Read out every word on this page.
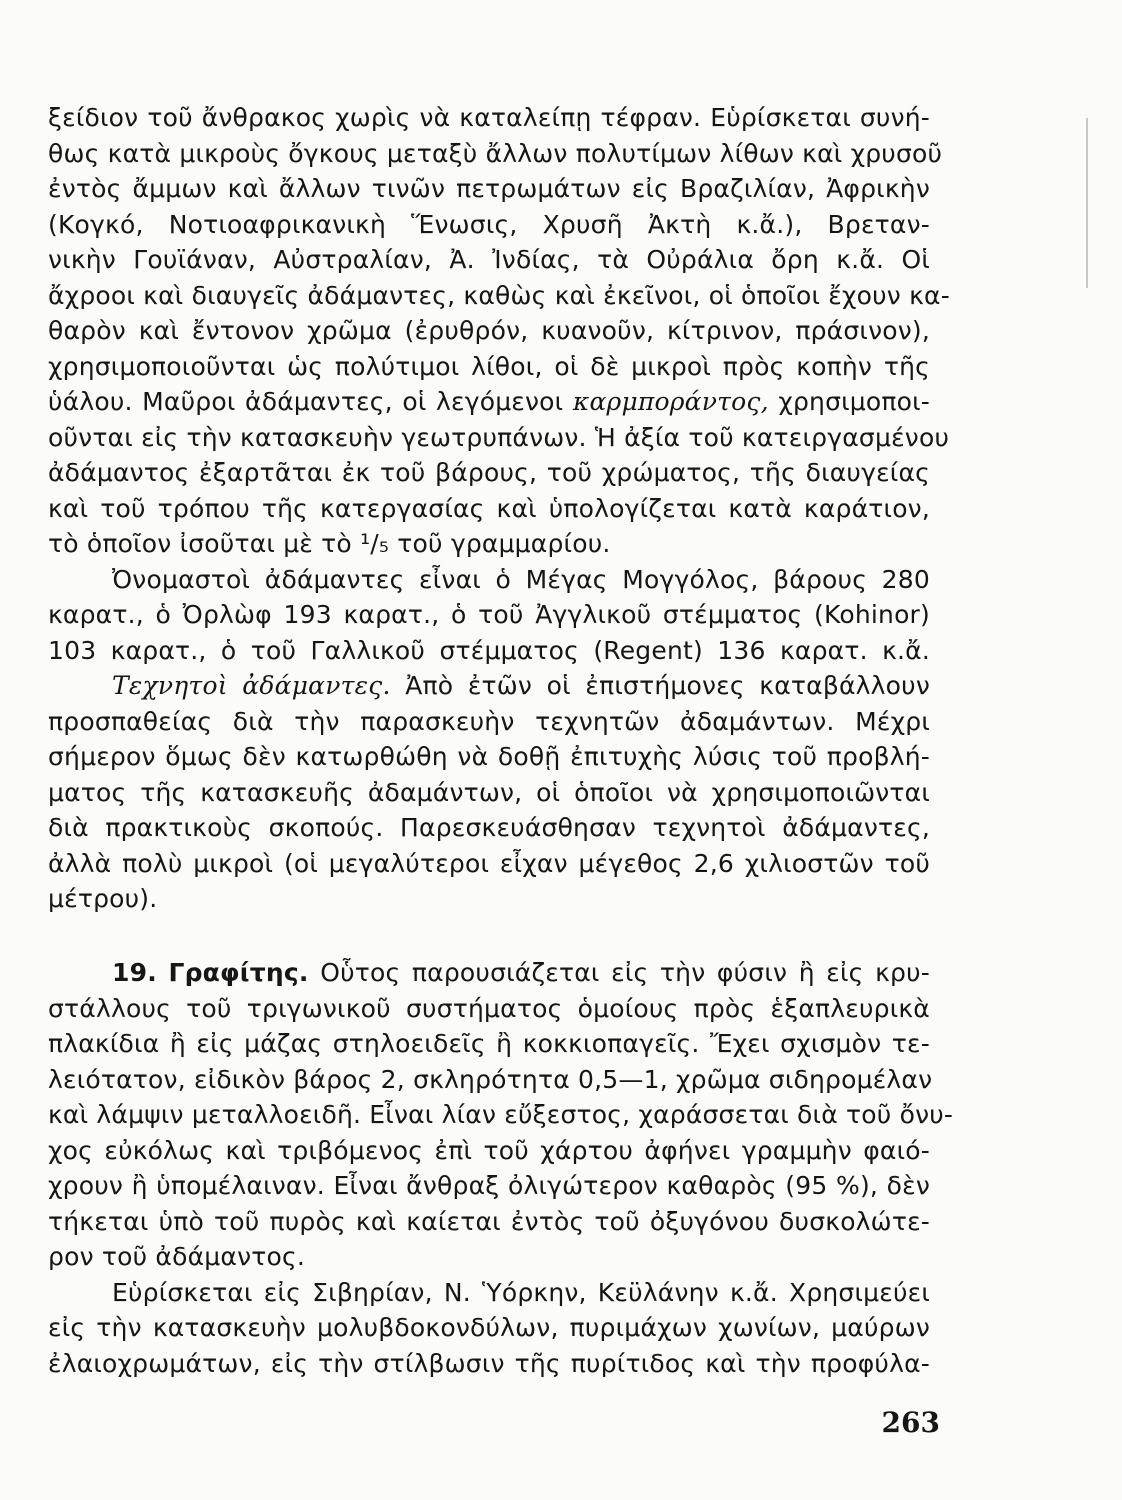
ξείδιον τοῦ ἄνθρακος χωρὶς νὰ καταλείπῃ τέφραν. Εὑρίσκεται συνή-
θως κατὰ μικροὺς ὄγκους μεταξὺ ἄλλων πολυτίμων λίθων καὶ χρυσοῦ
ἐντὸς ἄμμων καὶ ἄλλων τινῶν πετρωμάτων εἰς Βραζιλίαν, Ἀφρικὴν
(Κογκό, Νοτιοαφρικανικὴ Ἕνωσις, Χρυσῆ Ἀκτὴ κ.ἄ.), Βρεταν-
νικὴν Γουϊάναν, Αὐστραλίαν, Ἀ. Ἰνδίας, τὰ Οὐράλια ὄρη κ.ἄ. Οἱ
ἄχροοι καὶ διαυγεῖς ἀδάμαντες, καθὼς καὶ ἐκεῖνοι, οἱ ὁποῖοι ἔχουν κα-
θαρὸν καὶ ἔντονον χρῶμα (ἐρυθρόν, κυανοῦν, κίτρινον, πράσινον),
χρησιμοποιοῦνται ὡς πολύτιμοι λίθοι, οἱ δὲ μικροὶ πρὸς κοπὴν τῆς
ὑάλου. Μαῦροι ἀδάμαντες, οἱ λεγόμενοι καρμποράντος, χρησιμοποι-
οῦνται εἰς τὴν κατασκευὴν γεωτρυπάνων. Ἡ ἀξία τοῦ κατειργασμένου
ἀδάμαντος ἐξαρτᾶται ἐκ τοῦ βάρους, τοῦ χρώματος, τῆς διαυγείας
καὶ τοῦ τρόπου τῆς κατεργασίας καὶ ὑπολογίζεται κατὰ καράτιον,
τὸ ὁποῖον ἰσοῦται μὲ τὸ ¹/₅ τοῦ γραμμαρίου.
Ὀνομαστοὶ ἀδάμαντες εἶναι ὁ Μέγας Μογγόλος, βάρους 280
καρατ., ὁ Ὀρλὼφ 193 καρατ., ὁ τοῦ Ἀγγλικοῦ στέμματος (Kohinor)
103 καρατ., ὁ τοῦ Γαλλικοῦ στέμματος (Regent) 136 καρατ. κ.ἄ.
Τεχνητοὶ ἀδάμαντες. Ἀπὸ ἐτῶν οἱ ἐπιστήμονες καταβάλλουν
προσπαθείας διὰ τὴν παρασκευὴν τεχνητῶν ἀδαμάντων. Μέχρι
σήμερον ὅμως δὲν κατωρθώθη νὰ δοθῇ ἐπιτυχὴς λύσις τοῦ προβλή-
ματος τῆς κατασκευῆς ἀδαμάντων, οἱ ὁποῖοι νὰ χρησιμοποιῶνται
διὰ πρακτικοὺς σκοπούς. Παρεσκευάσθησαν τεχνητοὶ ἀδάμαντες,
ἀλλὰ πολὺ μικροὶ (οἱ μεγαλύτεροι εἶχαν μέγεθος 2,6 χιλιοστῶν τοῦ
μέτρου).
19. Γραφίτης. Οὗτος παρουσιάζεται εἰς τὴν φύσιν ἢ εἰς κρυ-
στάλλους τοῦ τριγωνικοῦ συστήματος ὁμοίους πρὸς ἑξαπλευρικὰ
πλακίδια ἢ εἰς μάζας στηλοειδεῖς ἢ κοκκιοπαγεῖς. Ἔχει σχισμὸν τε-
λειότατον, εἰδικὸν βάρος 2, σκληρότητα 0,5—1, χρῶμα σιδηρομέλαν
καὶ λάμψιν μεταλλοειδῆ. Εἶναι λίαν εὔξεστος, χαράσσεται διὰ τοῦ ὄνυ-
χος εὐκόλως καὶ τριβόμενος ἐπὶ τοῦ χάρτου ἀφήνει γραμμὴν φαιό-
χρουν ἢ ὑπομέλαιναν. Εἶναι ἄνθραξ ὀλιγώτερον καθαρὸς (95 %), δὲν
τήκεται ὑπὸ τοῦ πυρὸς καὶ καίεται ἐντὸς τοῦ ὀξυγόνου δυσκολώτε-
ρον τοῦ ἀδάμαντος.
Εὑρίσκεται εἰς Σιβηρίαν, Ν. Ὑόρκην, Κεϋλάνην κ.ἄ. Χρησιμεύει
εἰς τὴν κατασκευὴν μολυβδοκονδύλων, πυριμάχων χωνίων, μαύρων
ἐλαιοχρωμάτων, εἰς τὴν στίλβωσιν τῆς πυρίτιδος καὶ τὴν προφύλα-
263
